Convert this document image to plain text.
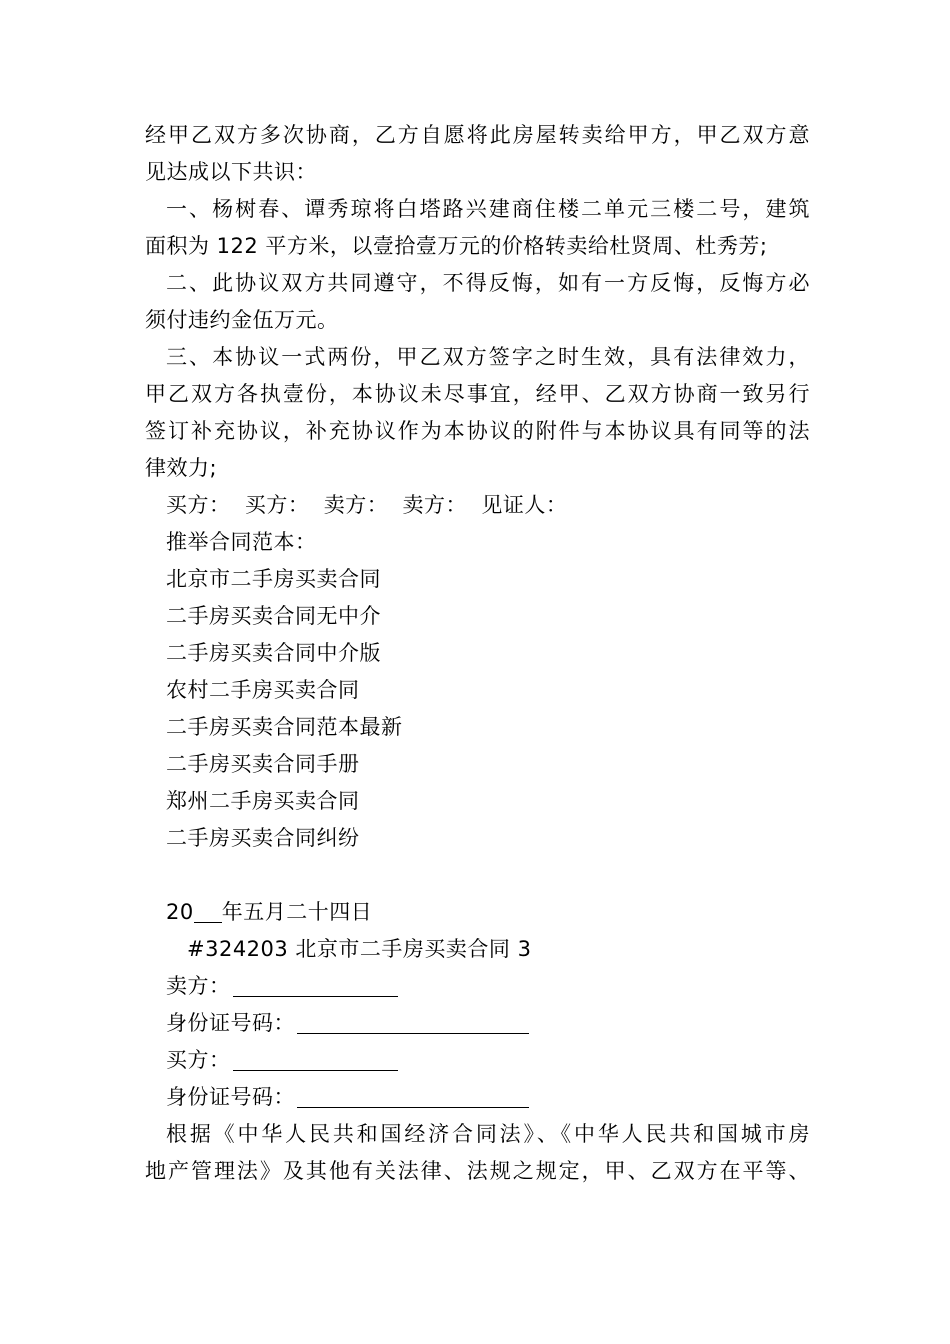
经甲乙双方多次协商，乙方自愿将此房屋转卖给甲方，甲乙双方意
见达成以下共识：
一、杨树春、谭秀琼将白塔路兴建商住楼二单元三楼二号，建筑
面积为 122 平方米，以壹拾壹万元的价格转卖给杜贤周、杜秀芳;
二、此协议双方共同遵守，不得反悔，如有一方反悔，反悔方必
须付违约金伍万元。
三、本协议一式两份，甲乙双方签字之时生效，具有法律效力，
甲乙双方各执壹份，本协议未尽事宜，经甲、乙双方协商一致另行
签订补充协议，补充协议作为本协议的附件与本协议具有同等的法
律效力;
买方：  买方：  卖方：  卖方：  见证人：
推举合同范本：
北京市二手房买卖合同
二手房买卖合同无中介
二手房买卖合同中介版
农村二手房买卖合同
二手房买卖合同范本最新
二手房买卖合同手册
郑州二手房买卖合同
二手房买卖合同纠纷
20 年五月二十四日
#324203 北京市二手房买卖合同 3
卖方：
身份证号码：
买方：
身份证号码：
根据《中华人民共和国经济合同法》、《中华人民共和国城市房
地产管理法》及其他有关法律、法规之规定，甲、乙双方在平等、
